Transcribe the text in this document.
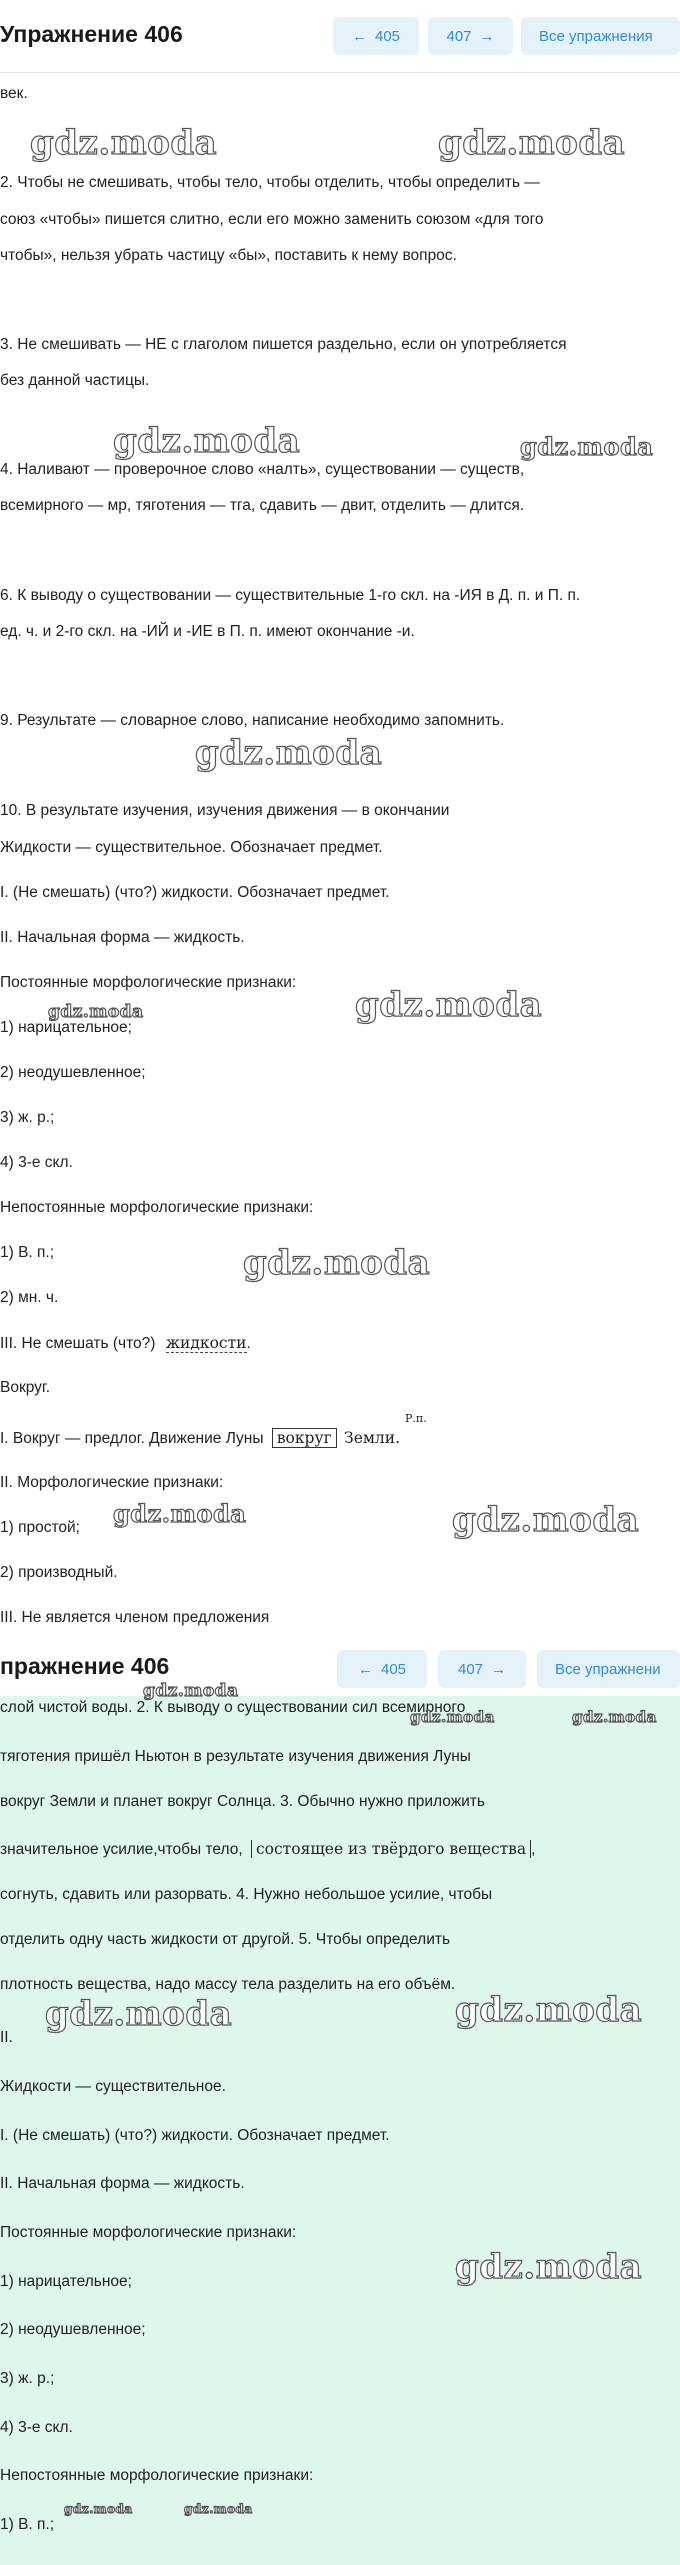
Упражнение 406	← 405	407 →	Все упражнения
век.
2. Чтобы не смешивать, чтобы тело, чтобы отделить, чтобы определить —
союз «чтобы» пишется слитно, если его можно заменить союзом «для того
чтобы», нельзя убрать частицу «бы», поставить к нему вопрос.
3. Не смешивать — НЕ с глаголом пишется раздельно, если он употребляется
без данной частицы.
4. Наливают — проверочное слово «налть», существовании — существ,
всемирного — мр, тяготения — тга, сдавить — двит, отделить — длится.
6. К выводу о существовании — существительные 1-го скл. на -ИЯ в Д. п. и П. п.
ед. ч. и 2-го скл. на -ИЙ и -ИЕ в П. п. имеют окончание -и.
9. Результате — словарное слово, написание необходимо запомнить.
10. В результате изучения, изучения движения — в окончании
Жидкости — существительное. Обозначает предмет.
I. (Не смешать) (что?) жидкости. Обозначает предмет.
II. Начальная форма — жидкость.
Постоянные морфологические признаки:
1) нарицательное;
2) неодушевленное;
3) ж. р.;
4) 3-е скл.
Непостоянные морфологические признаки:
1) В. п.;
2) мн. ч.
III. Не смешать (что?) жидкости.
Вокруг.
I. Вокруг — предлог. Движение Луны вокруг Земли.
Р.п.
II. Морфологические признаки:
1) простой;
2) производный.
III. Не является членом предложения
gdz.moda	gdz.moda
gdz.moda	gdz.moda
gdz.moda
gdz.moda
gdz.moda
gdz.moda
gdz.moda	gdz.moda
пражнение 406	← 405	407 →	Все упражнени
слой чистой воды. 2. К выводу о существовании сил всемирного
тяготения пришёл Ньютон в результате изучения движения Луны
вокруг Земли и планет вокруг Солнца. 3. Обычно нужно приложить
значительное усилие,чтобы тело, состоящее из твёрдого вещества ,
согнуть, сдавить или разорвать. 4. Нужно небольшое усилие, чтобы
отделить одну часть жидкости от другой. 5. Чтобы определить
плотность вещества, надо массу тела разделить на его объём.
II.
Жидкости — существительное.
I. (Не смешать) (что?) жидкости. Обозначает предмет.
II. Начальная форма — жидкость.
Постоянные морфологические признаки:
1) нарицательное;
2) неодушевленное;
3) ж. р.;
4) 3-е скл.
Непостоянные морфологические признаки:
1) В. п.;
gdz.moda
gdz.moda	gdz.moda
gdz.moda	gdz.moda
gdz.moda
gdz.moda	gdz.moda
